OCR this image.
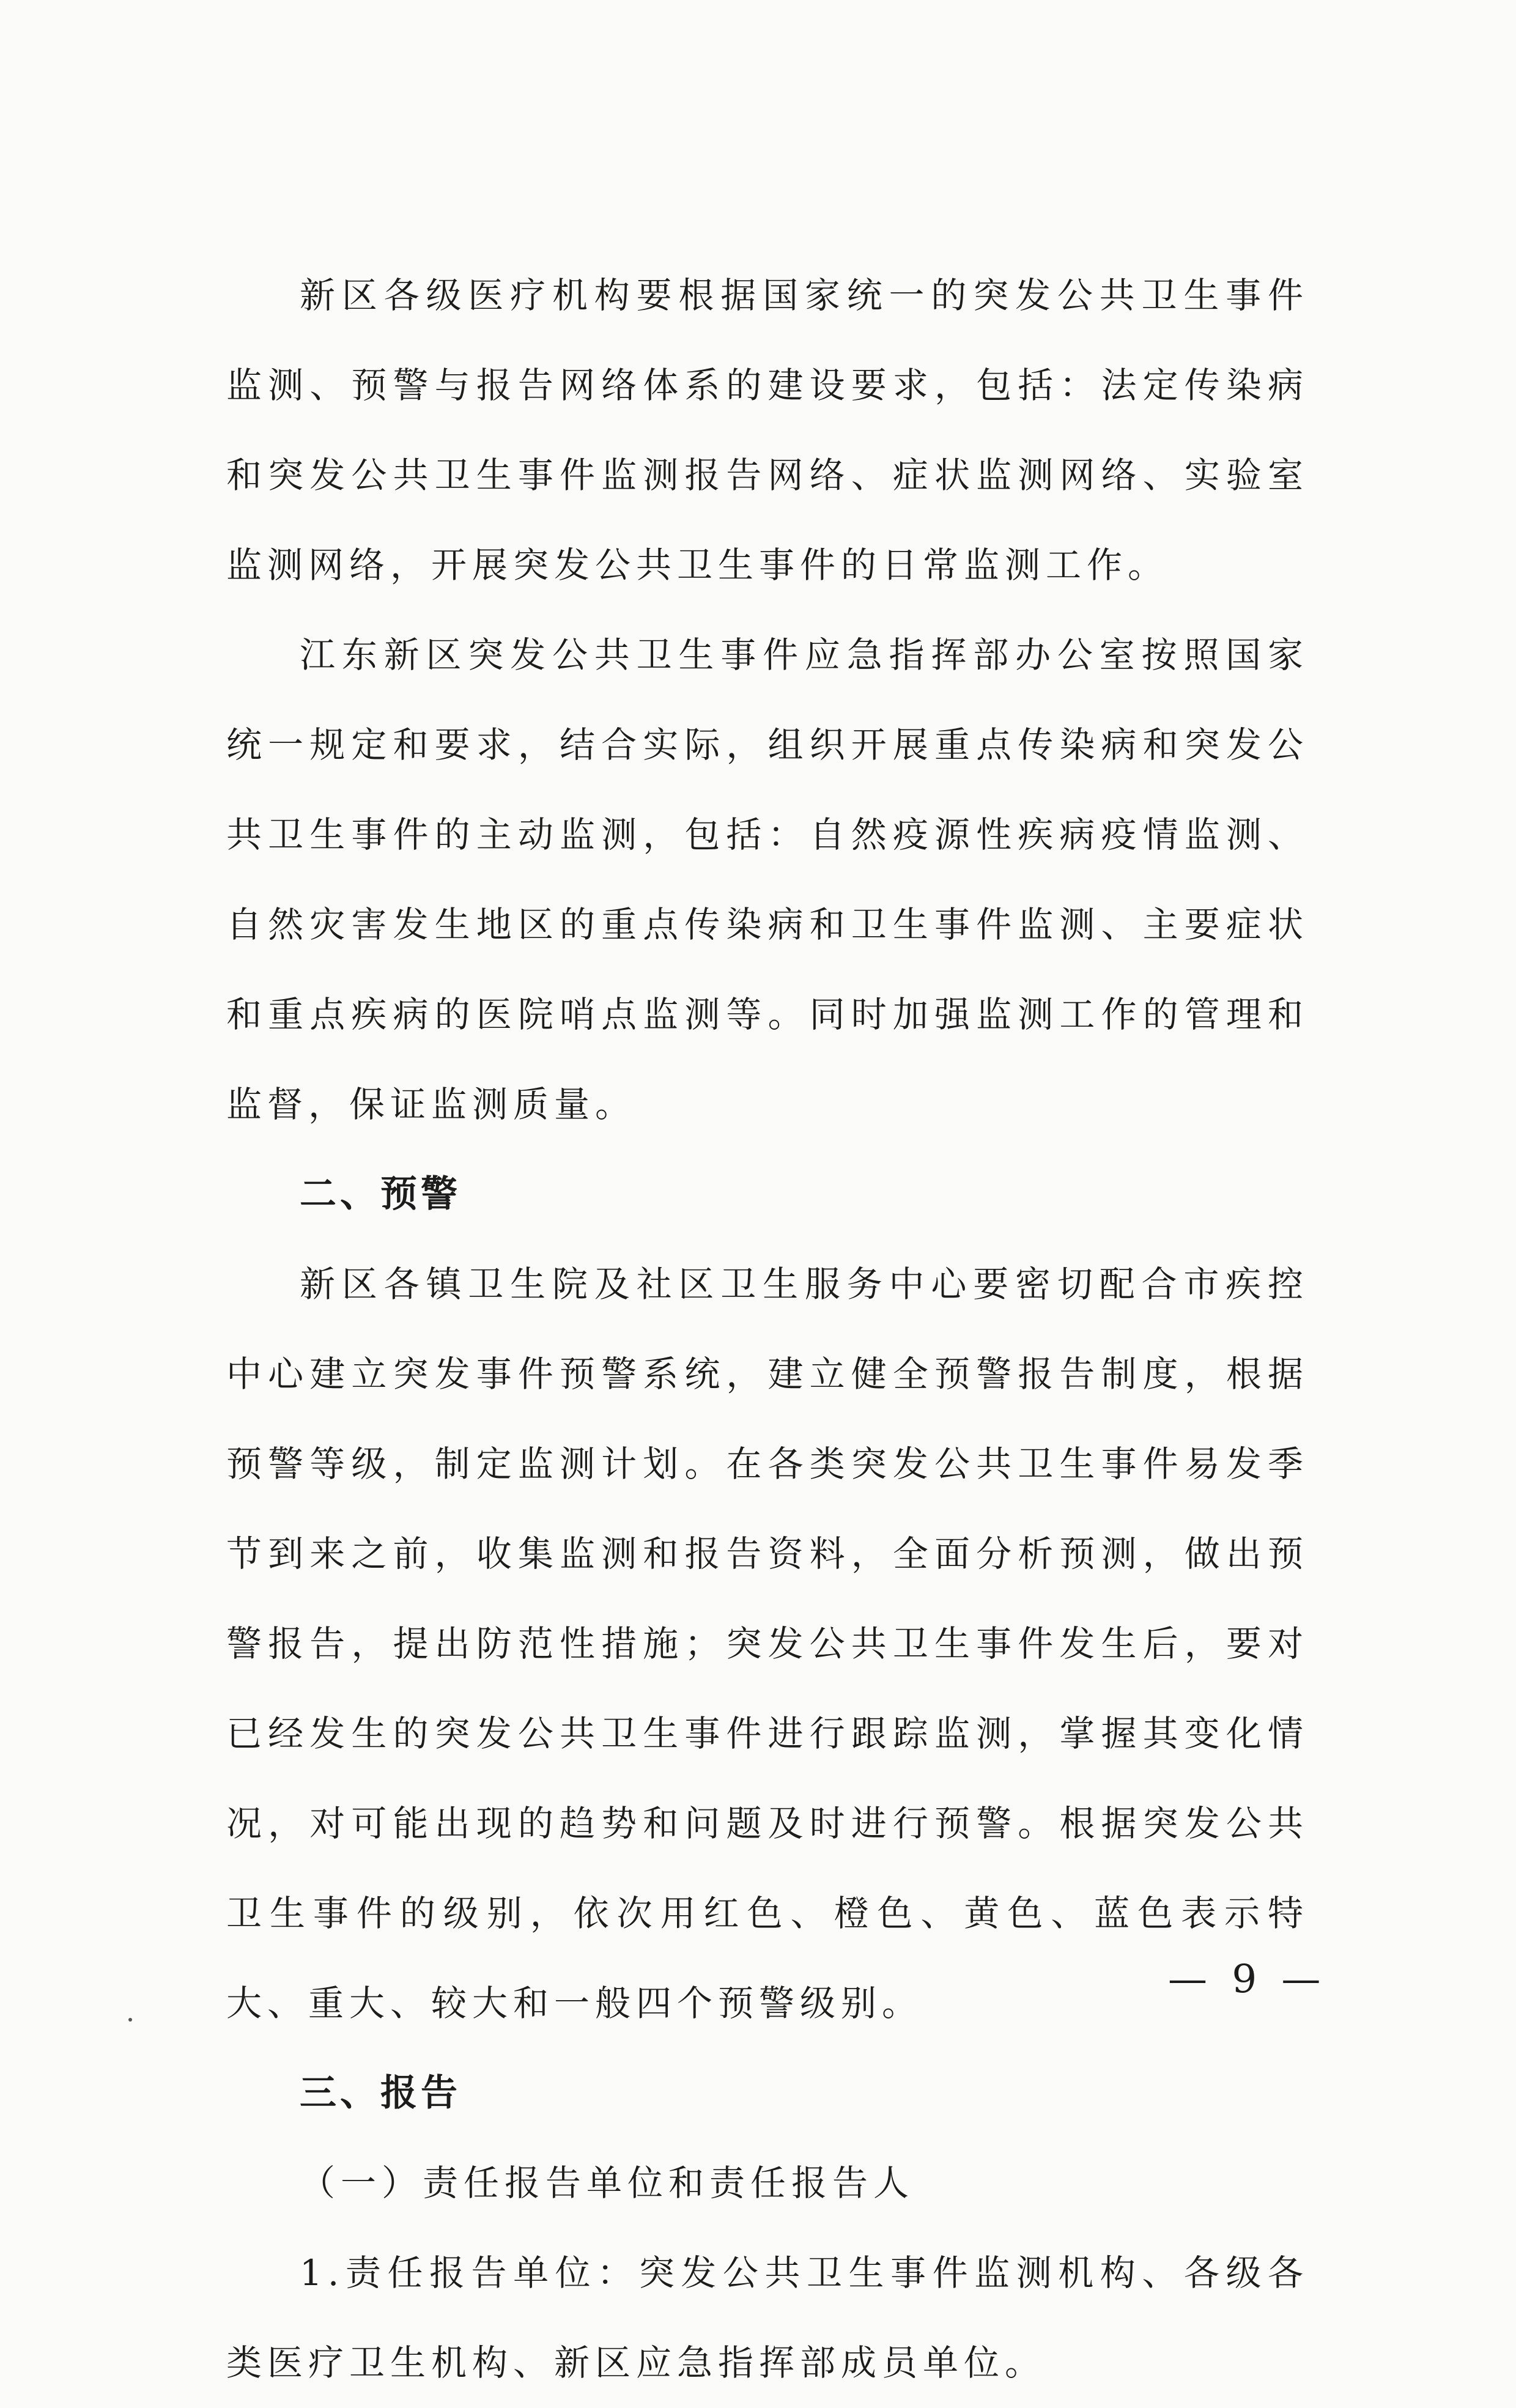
新区各级医疗机构要根据国家统一的突发公共卫生事件监测、预警与报告网络体系的建设要求，包括：法定传染病和突发公共卫生事件监测报告网络、症状监测网络、实验室监测网络，开展突发公共卫生事件的日常监测工作。

江东新区突发公共卫生事件应急指挥部办公室按照国家统一规定和要求，结合实际，组织开展重点传染病和突发公共卫生事件的主动监测，包括：自然疫源性疾病疫情监测、自然灾害发生地区的重点传染病和卫生事件监测、主要症状和重点疾病的医院哨点监测等。同时加强监测工作的管理和监督，保证监测质量。

二、预警

新区各镇卫生院及社区卫生服务中心要密切配合市疾控中心建立突发事件预警系统，建立健全预警报告制度，根据预警等级，制定监测计划。在各类突发公共卫生事件易发季节到来之前，收集监测和报告资料，全面分析预测，做出预警报告，提出防范性措施；突发公共卫生事件发生后，要对已经发生的突发公共卫生事件进行跟踪监测，掌握其变化情况，对可能出现的趋势和问题及时进行预警。根据突发公共卫生事件的级别，依次用红色、橙色、黄色、蓝色表示特大、重大、较大和一般四个预警级别。

三、报告

（一）责任报告单位和责任报告人

1.责任报告单位：突发公共卫生事件监测机构、各级各类医疗卫生机构、新区应急指挥部成员单位。

— 9 —
